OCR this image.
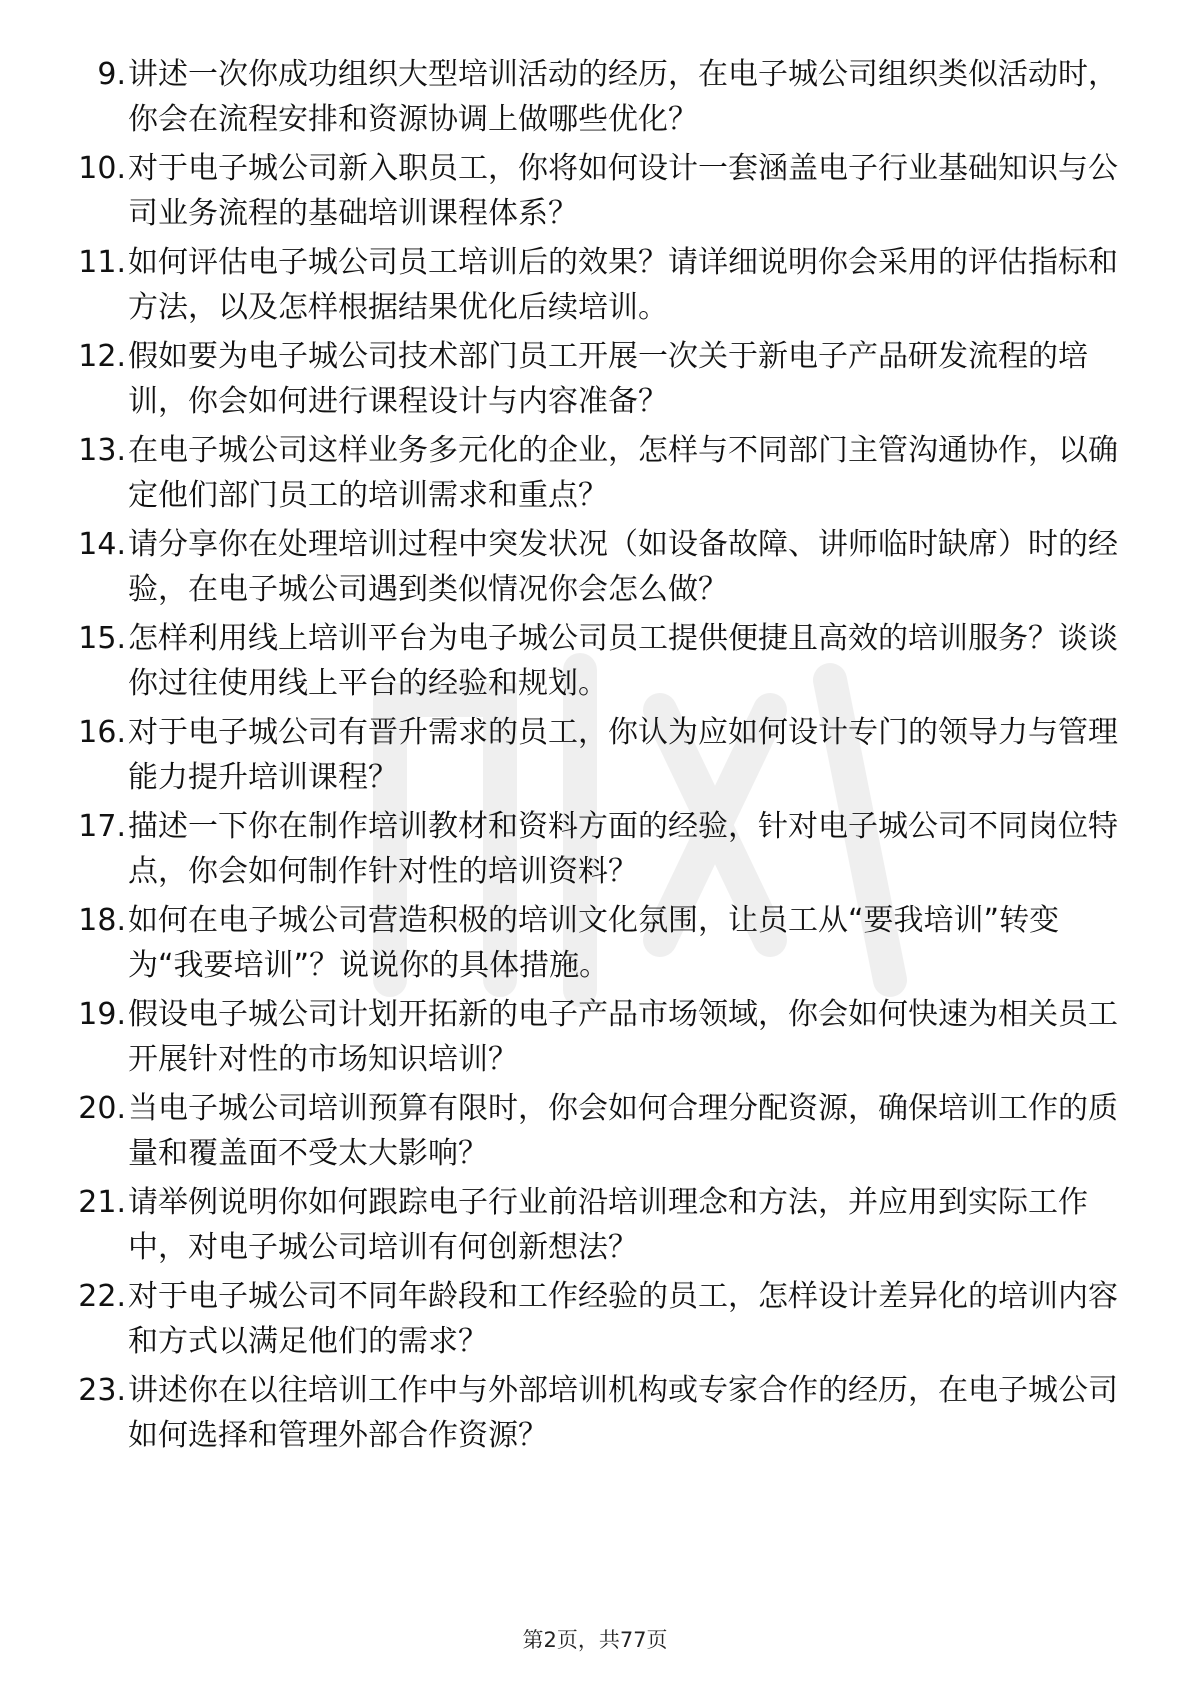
9. 讲述一次你成功组织大型培训活动的经历，在电子城公司组织类似活动时，你会在流程安排和资源协调上做哪些优化？
10. 对于电子城公司新入职员工，你将如何设计一套涵盖电子行业基础知识与公司业务流程的基础培训课程体系？
11. 如何评估电子城公司员工培训后的效果？请详细说明你会采用的评估指标和方法，以及怎样根据结果优化后续培训。
12. 假如要为电子城公司技术部门员工开展一次关于新电子产品研发流程的培训，你会如何进行课程设计与内容准备？
13. 在电子城公司这样业务多元化的企业，怎样与不同部门主管沟通协作，以确定他们部门员工的培训需求和重点？
14. 请分享你在处理培训过程中突发状况（如设备故障、讲师临时缺席）时的经验，在电子城公司遇到类似情况你会怎么做？
15. 怎样利用线上培训平台为电子城公司员工提供便捷且高效的培训服务？谈谈你过往使用线上平台的经验和规划。
16. 对于电子城公司有晋升需求的员工，你认为应如何设计专门的领导力与管理能力提升培训课程？
17. 描述一下你在制作培训教材和资料方面的经验，针对电子城公司不同岗位特点，你会如何制作针对性的培训资料？
18. 如何在电子城公司营造积极的培训文化氛围，让员工从“要我培训”转变为“我要培训”？说说你的具体措施。
19. 假设电子城公司计划开拓新的电子产品市场领域，你会如何快速为相关员工开展针对性的市场知识培训？
20. 当电子城公司培训预算有限时，你会如何合理分配资源，确保培训工作的质量和覆盖面不受太大影响？
21. 请举例说明你如何跟踪电子行业前沿培训理念和方法，并应用到实际工作中，对电子城公司培训有何创新想法？
22. 对于电子城公司不同年龄段和工作经验的员工，怎样设计差异化的培训内容和方式以满足他们的需求？
23. 讲述你在以往培训工作中与外部培训机构或专家合作的经历，在电子城公司如何选择和管理外部合作资源？
第2页，共77页
